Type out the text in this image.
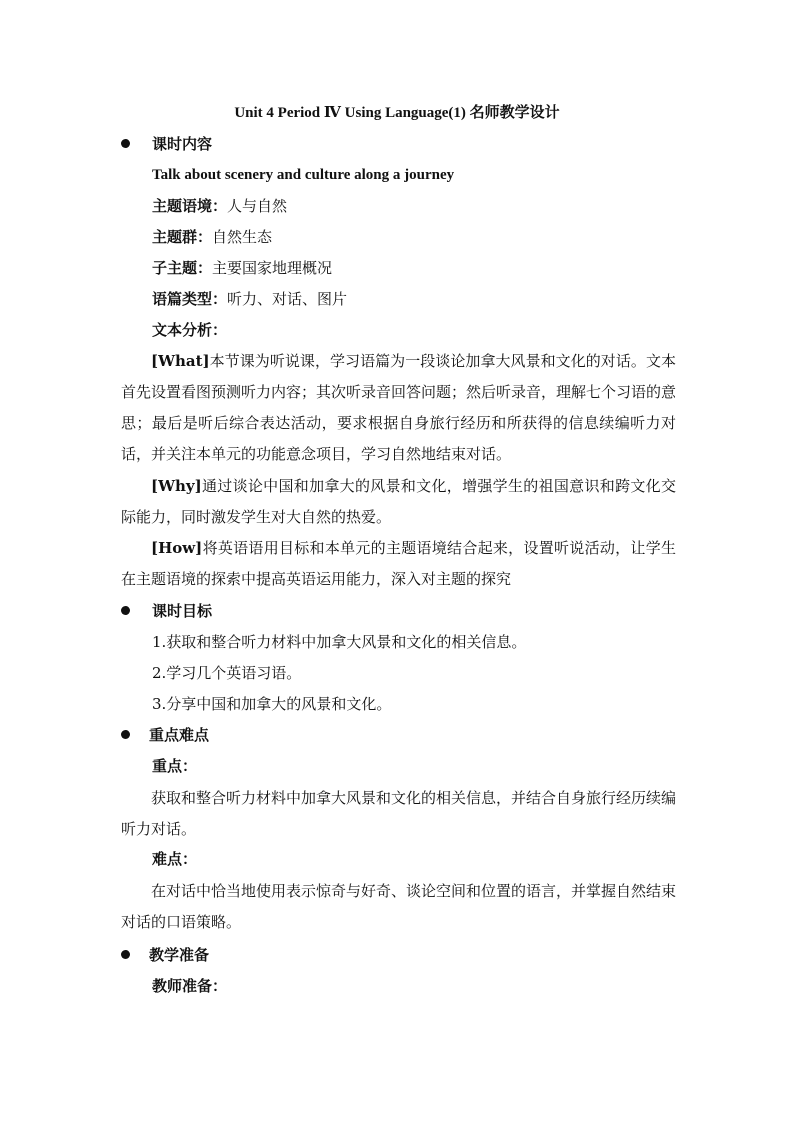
Unit 4 Period Ⅳ Using Language(1) 名师教学设计
课时内容
Talk about scenery and culture along a journey
主题语境：人与自然
主题群：自然生态
子主题：主要国家地理概况
语篇类型：听力、对话、图片
文本分析：
[What]本节课为听说课，学习语篇为一段谈论加拿大风景和文化的对话。文本首先设置看图预测听力内容；其次听录音回答问题；然后听录音，理解七个习语的意思；最后是听后综合表达活动，要求根据自身旅行经历和所获得的信息续编听力对话，并关注本单元的功能意念项目，学习自然地结束对话。
[Why]通过谈论中国和加拿大的风景和文化，增强学生的祖国意识和跨文化交际能力，同时激发学生对大自然的热爱。
[How]将英语语用目标和本单元的主题语境结合起来，设置听说活动，让学生在主题语境的探索中提高英语运用能力，深入对主题的探究
课时目标
1.获取和整合听力材料中加拿大风景和文化的相关信息。
2.学习几个英语习语。
3.分享中国和加拿大的风景和文化。
重点难点
重点：
获取和整合听力材料中加拿大风景和文化的相关信息，并结合自身旅行经历续编听力对话。
难点：
在对话中恰当地使用表示惊奇与好奇、谈论空间和位置的语言，并掌握自然结束对话的口语策略。
教学准备
教师准备：
